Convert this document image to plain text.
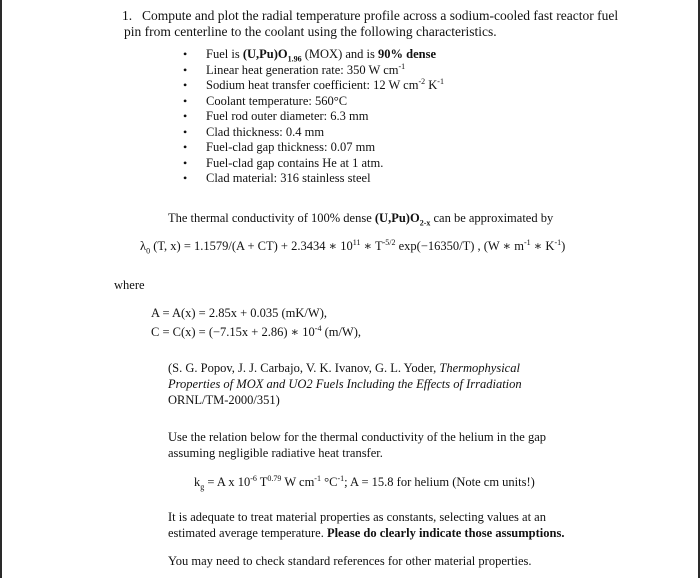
1. Compute and plot the radial temperature profile across a sodium-cooled fast reactor fuel
pin from centerline to the coolant using the following characteristics.
• Fuel is $(U,Pu)O_{1.96}$ (MOX) and is 90% dense
• Linear heat generation rate: 350 W $cm^{-1}$
• Sodium heat transfer coefficient: 12 W $cm^{-2}$ $K^{-1}$
• Coolant temperature: 560°C
• Fuel rod outer diameter: 6.3 mm
• Clad thickness: 0.4 mm
• Fuel-clad gap thickness: 0.07 mm
• Fuel-clad gap contains He at 1 atm.
• Clad material: 316 stainless steel
The thermal conductivity of 100% dense $(U,Pu)O_{2-x}$ can be approximated by
$\lambda_0$ (T, x) = 1.1579/(A + CT) + 2.3434 ∗ $10^{11}$ ∗ $T^{-5/2}$ exp(−16350/T) , (W ∗ $m^{-1}$ ∗ $K^{-1}$)
where
A = A(x) = 2.85x + 0.035 (mK/W),
C = C(x) = (−7.15x + 2.86) ∗ $10^{-4}$ (m/W),
(S. G. Popov, J. J. Carbajo, V. K. Ivanov, G. L. Yoder, Thermophysical
Properties of MOX and UO2 Fuels Including the Effects of Irradiation
ORNL/TM-2000/351)
Use the relation below for the thermal conductivity of the helium in the gap
assuming negligible radiative heat transfer.
$k_g = A$ x $10^{-6}$ $T^{0.79}$ W $cm^{-1}$ $^\circ C^{-1}$; A = 15.8 for helium (Note cm units!)
It is adequate to treat material properties as constants, selecting values at an
estimated average temperature. Please do clearly indicate those assumptions.
You may need to check standard references for other material properties.
